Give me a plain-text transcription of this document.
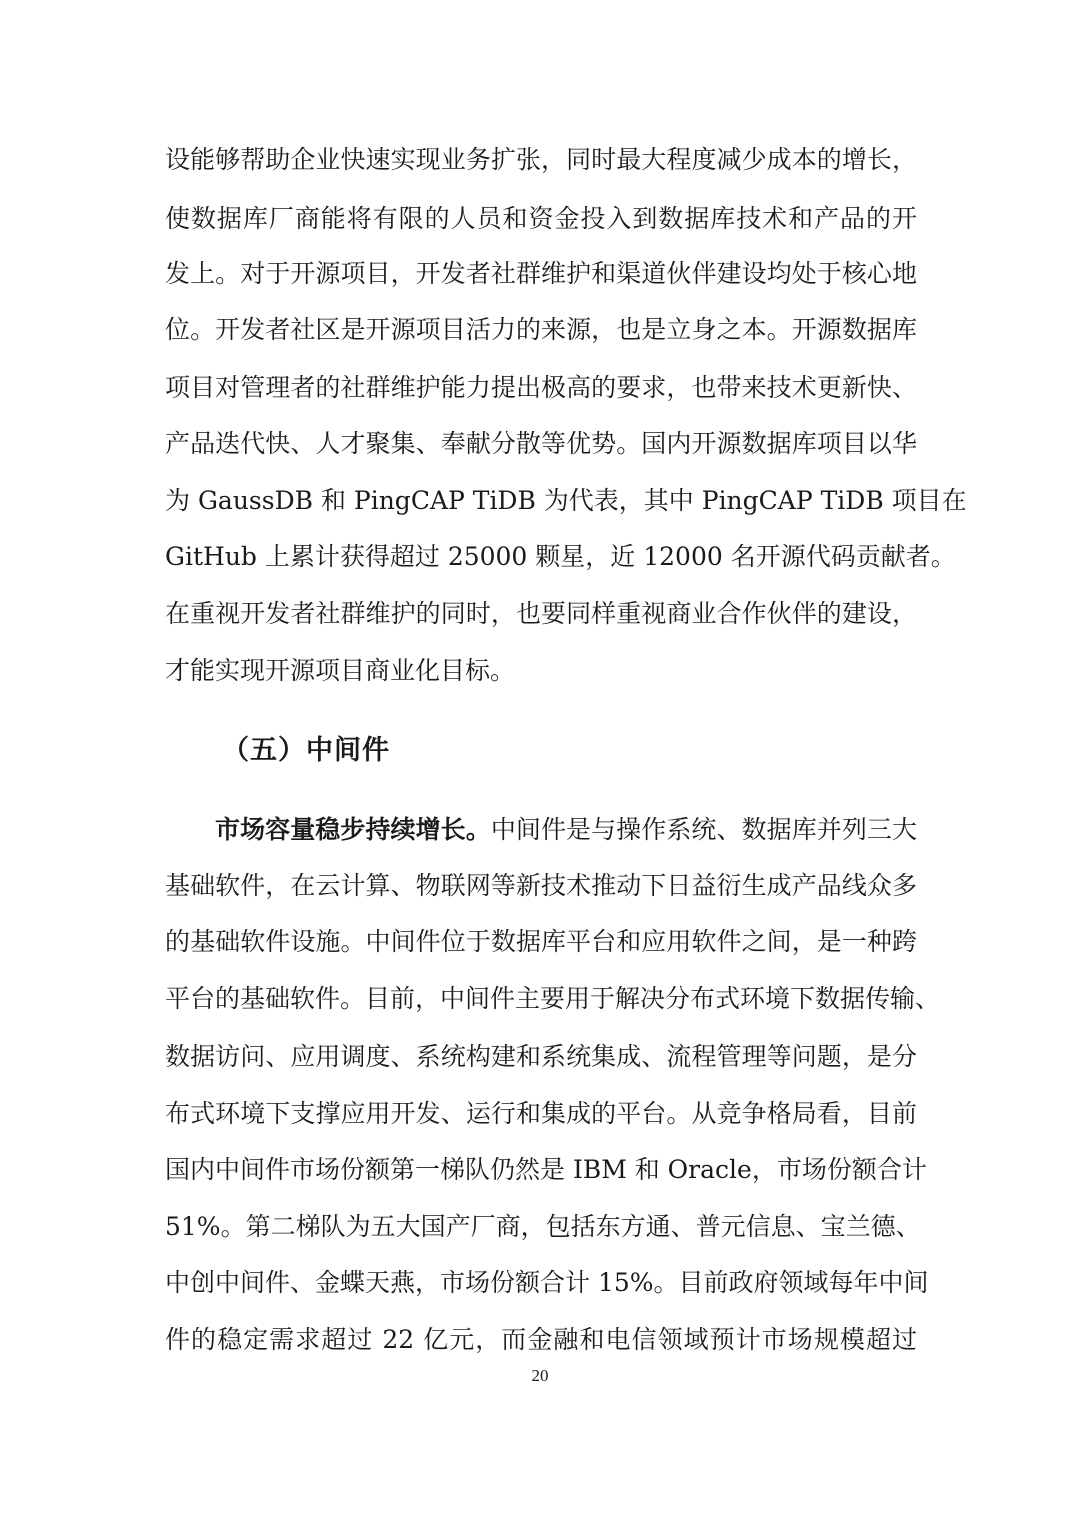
设能够帮助企业快速实现业务扩张，同时最大程度减少成本的增长，
使数据库厂商能将有限的人员和资金投入到数据库技术和产品的开
发上。对于开源项目，开发者社群维护和渠道伙伴建设均处于核心地
位。开发者社区是开源项目活力的来源，也是立身之本。开源数据库
项目对管理者的社群维护能力提出极高的要求，也带来技术更新快、
产品迭代快、人才聚集、奉献分散等优势。国内开源数据库项目以华
为 GaussDB 和 PingCAP TiDB 为代表，其中 PingCAP TiDB 项目在
GitHub 上累计获得超过 25000 颗星，近 12000 名开源代码贡献者。
在重视开发者社群维护的同时，也要同样重视商业合作伙伴的建设，
才能实现开源项目商业化目标。
（五）中间件
市场容量稳步持续增长。中间件是与操作系统、数据库并列三大
基础软件，在云计算、物联网等新技术推动下日益衍生成产品线众多
的基础软件设施。中间件位于数据库平台和应用软件之间，是一种跨
平台的基础软件。目前，中间件主要用于解决分布式环境下数据传输、
数据访问、应用调度、系统构建和系统集成、流程管理等问题，是分
布式环境下支撑应用开发、运行和集成的平台。从竞争格局看，目前
国内中间件市场份额第一梯队仍然是 IBM 和 Oracle，市场份额合计
51%。第二梯队为五大国产厂商，包括东方通、普元信息、宝兰德、
中创中间件、金蝶天燕，市场份额合计 15%。目前政府领域每年中间
件的稳定需求超过 22 亿元，而金融和电信领域预计市场规模超过
20
